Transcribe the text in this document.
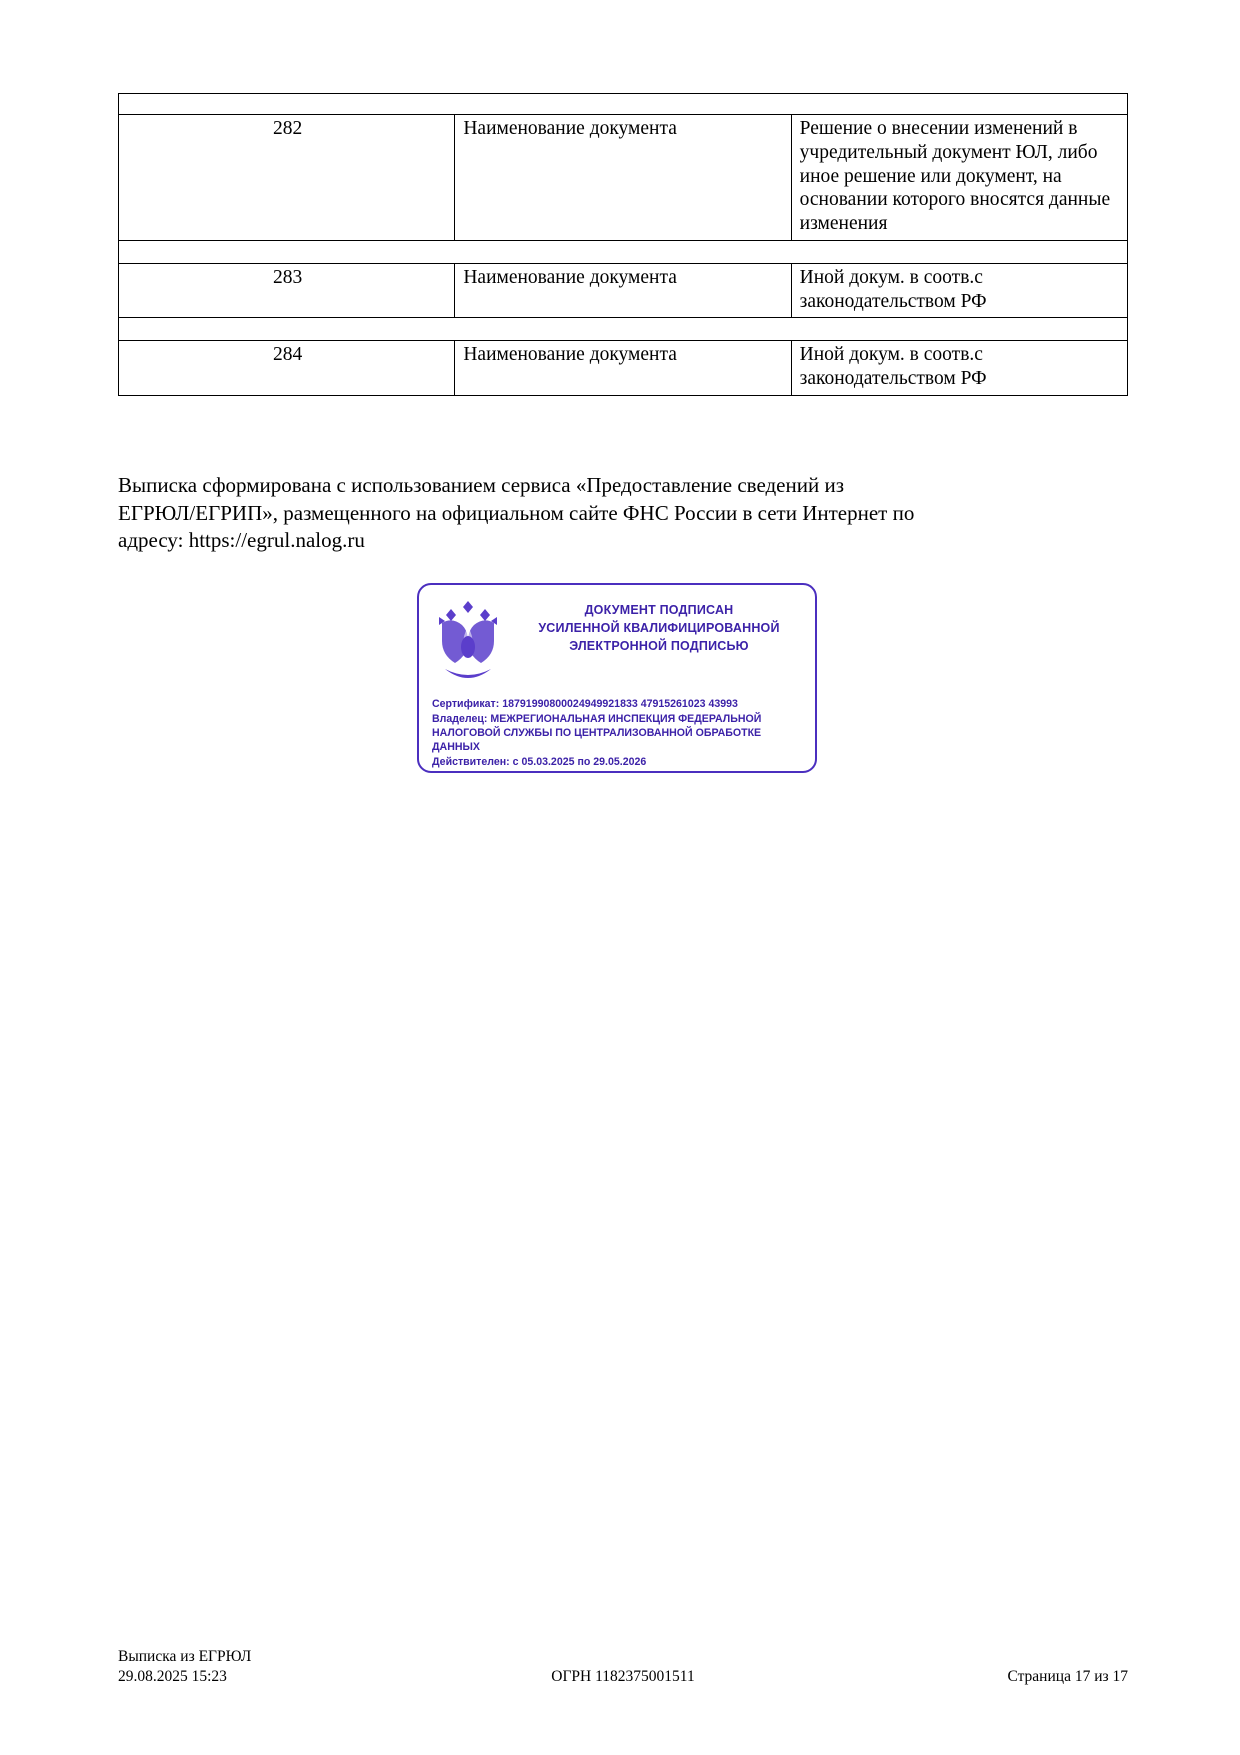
282	Наименование документа	Решение о внесении изменений в учредительный документ ЮЛ, либо иное решение или документ, на основании которого вносятся данные изменения

283	Наименование документа	Иной докум. в соотв.с законодательством РФ

284	Наименование документа	Иной докум. в соотв.с законодательством РФ
Выписка сформирована с использованием сервиса «Предоставление сведений из
ЕГРЮЛ/ЕГРИП», размещенного на официальном сайте ФНС России в сети Интернет по
адресу: https://egrul.nalog.ru
ДОКУМЕНТ ПОДПИСАН
УСИЛЕННОЙ КВАЛИФИЦИРОВАННОЙ
ЭЛЕКТРОННОЙ ПОДПИСЬЮ
Сертификат: 18791990800024949921833 47915261023 43993
Владелец: МЕЖРЕГИОНАЛЬНАЯ ИНСПЕКЦИЯ ФЕДЕРАЛЬНОЙ НАЛОГОВОЙ СЛУЖБЫ ПО ЦЕНТРАЛИЗОВАННОЙ ОБРАБОТКЕ ДАННЫХ
Действителен: с 05.03.2025 по 29.05.2026
Выписка из ЕГРЮЛ
29.08.2025 15:23	ОГРН 1182375001511	Страница 17 из 17
